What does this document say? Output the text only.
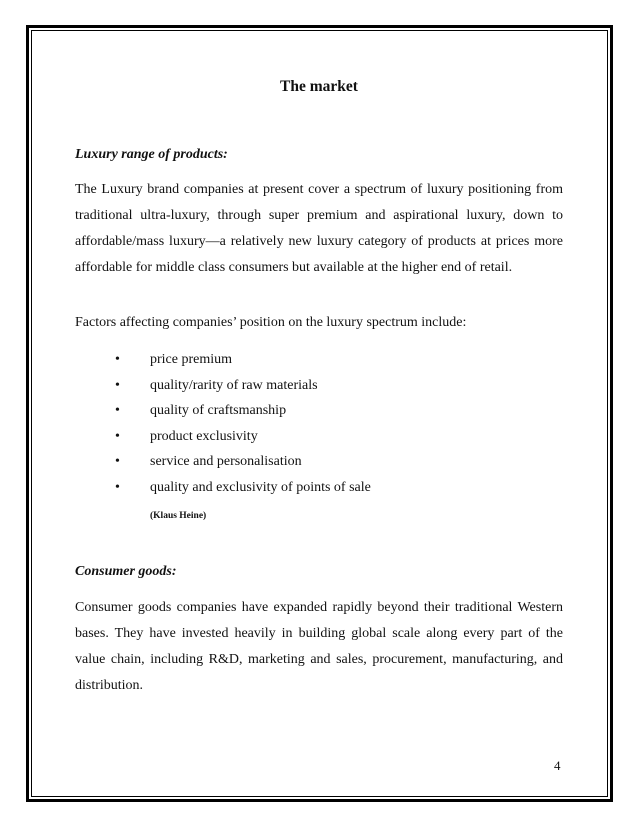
The market

Luxury range of products:

The Luxury brand companies at present cover a spectrum of luxury positioning from traditional ultra-luxury, through super premium and aspirational luxury, down to affordable/mass luxury—a relatively new luxury category of products at prices more affordable for middle class consumers but available at the higher end of retail.

Factors affecting companies’ position on the luxury spectrum include:

• price premium
• quality/rarity of raw materials
• quality of craftsmanship
• product exclusivity
• service and personalisation
• quality and exclusivity of points of sale

(Klaus Heine)

Consumer goods:

Consumer goods companies have expanded rapidly beyond their traditional Western bases. They have invested heavily in building global scale along every part of the value chain, including R&D, marketing and sales, procurement, manufacturing, and distribution.

4
